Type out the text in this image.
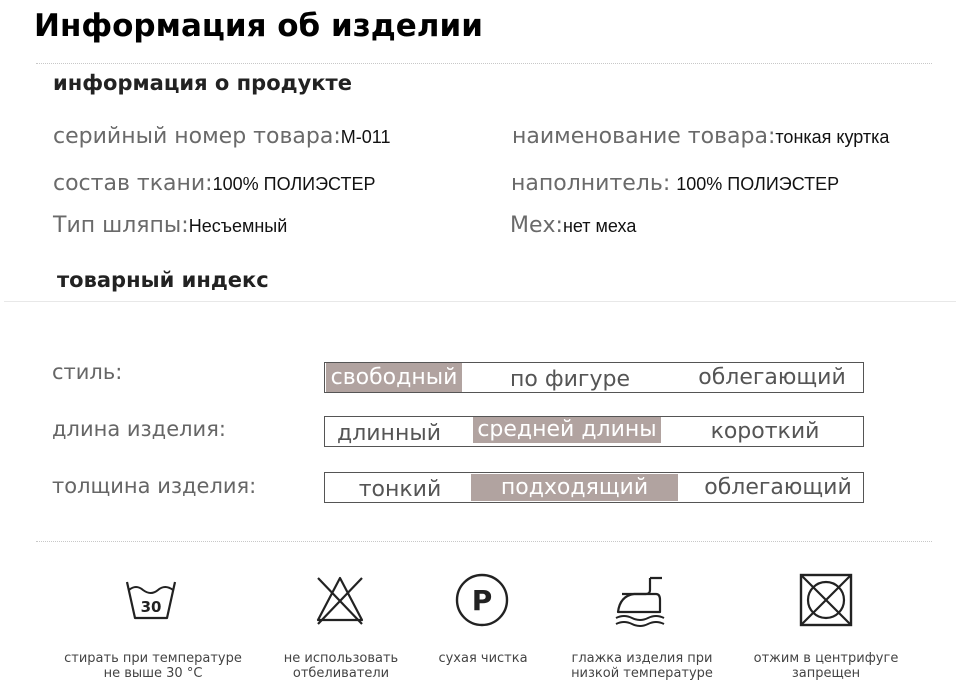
Информация об изделии
информация о продукте
серийный номер товара:M-011	наименование товара:тонкая куртка
состав ткани:100% ПОЛИЭСТЕР	наполнитель: 100% ПОЛИЭСТЕР
Тип шляпы:Несъемный	Мех:нет меха
товарный индекс
стиль:	свободный	по фигуре	облегающий
длина изделия:	длинный	средней длины	короткий
толщина изделия:	тонкий	подходящий	облегающий
30
стирать при температуре
не выше 30 °С
не использовать
отбеливатели
P
сухая чистка	глажка изделия при
низкой температуре
отжим в центрифуге
запрещен
